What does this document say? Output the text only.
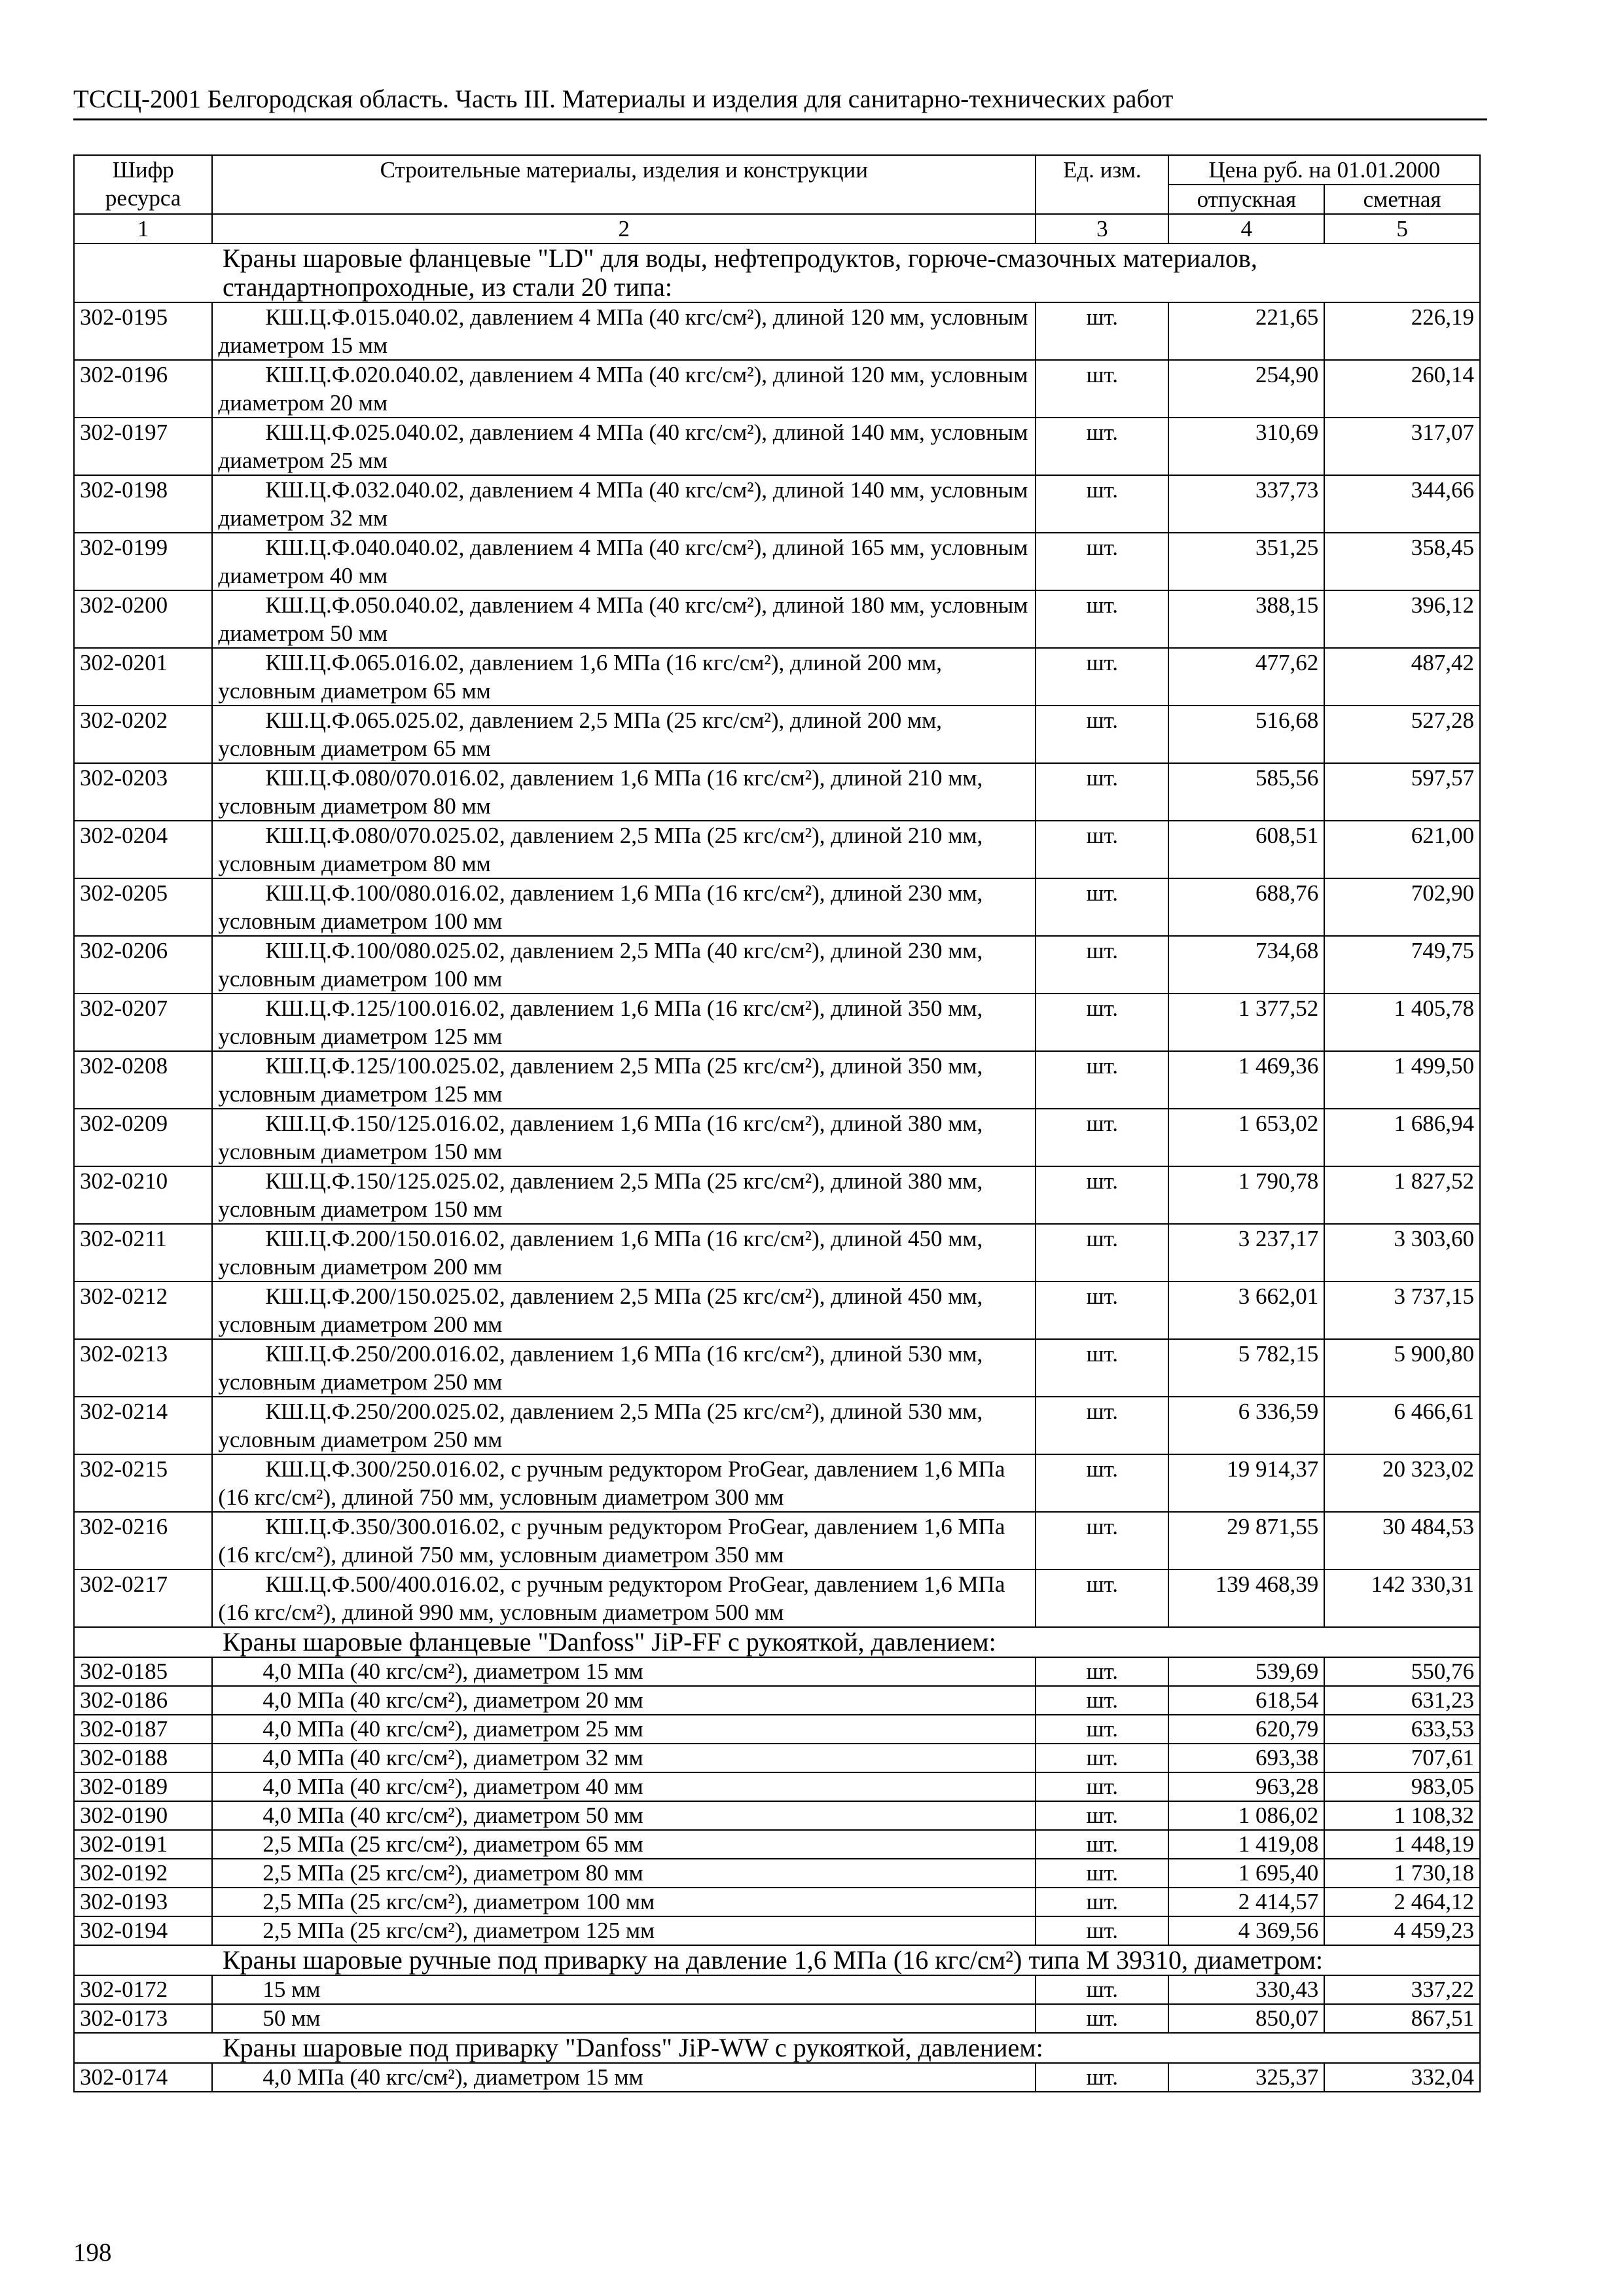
ТССЦ-2001 Белгородская область. Часть III. Материалы и изделия для санитарно-технических работ
Шифр ресурса	Строительные материалы, изделия и конструкции	Ед. изм.	Цена руб. на 01.01.2000	
			отпускная	сметная
1	2	3	4	5
Краны шаровые фланцевые "LD" для воды, нефтепродуктов, горюче-смазочных материалов, стандартнопроходные, из стали 20 типа:				
302-0195	КШ.Ц.Ф.015.040.02, давлением 4 МПа (40 кгс/см²), длиной 120 мм, условным диаметром 15 мм	шт.	221,65	226,19
302-0196	КШ.Ц.Ф.020.040.02, давлением 4 МПа (40 кгс/см²), длиной 120 мм, условным диаметром 20 мм	шт.	254,90	260,14
302-0197	КШ.Ц.Ф.025.040.02, давлением 4 МПа (40 кгс/см²), длиной 140 мм, условным диаметром 25 мм	шт.	310,69	317,07
302-0198	КШ.Ц.Ф.032.040.02, давлением 4 МПа (40 кгс/см²), длиной 140 мм, условным диаметром 32 мм	шт.	337,73	344,66
302-0199	КШ.Ц.Ф.040.040.02, давлением 4 МПа (40 кгс/см²), длиной 165 мм, условным диаметром 40 мм	шт.	351,25	358,45
302-0200	КШ.Ц.Ф.050.040.02, давлением 4 МПа (40 кгс/см²), длиной 180 мм, условным диаметром 50 мм	шт.	388,15	396,12
302-0201	КШ.Ц.Ф.065.016.02, давлением 1,6 МПа (16 кгс/см²), длиной 200 мм, условным диаметром 65 мм	шт.	477,62	487,42
302-0202	КШ.Ц.Ф.065.025.02, давлением 2,5 МПа (25 кгс/см²), длиной 200 мм, условным диаметром 65 мм	шт.	516,68	527,28
302-0203	КШ.Ц.Ф.080/070.016.02, давлением 1,6 МПа (16 кгс/см²), длиной 210 мм, условным диаметром 80 мм	шт.	585,56	597,57
302-0204	КШ.Ц.Ф.080/070.025.02, давлением 2,5 МПа (25 кгс/см²), длиной 210 мм, условным диаметром 80 мм	шт.	608,51	621,00
302-0205	КШ.Ц.Ф.100/080.016.02, давлением 1,6 МПа (16 кгс/см²), длиной 230 мм, условным диаметром 100 мм	шт.	688,76	702,90
302-0206	КШ.Ц.Ф.100/080.025.02, давлением 2,5 МПа (40 кгс/см²), длиной 230 мм, условным диаметром 100 мм	шт.	734,68	749,75
302-0207	КШ.Ц.Ф.125/100.016.02, давлением 1,6 МПа (16 кгс/см²), длиной 350 мм, условным диаметром 125 мм	шт.	1 377,52	1 405,78
302-0208	КШ.Ц.Ф.125/100.025.02, давлением 2,5 МПа (25 кгс/см²), длиной 350 мм, условным диаметром 125 мм	шт.	1 469,36	1 499,50
302-0209	КШ.Ц.Ф.150/125.016.02, давлением 1,6 МПа (16 кгс/см²), длиной 380 мм, условным диаметром 150 мм	шт.	1 653,02	1 686,94
302-0210	КШ.Ц.Ф.150/125.025.02, давлением 2,5 МПа (25 кгс/см²), длиной 380 мм, условным диаметром 150 мм	шт.	1 790,78	1 827,52
302-0211	КШ.Ц.Ф.200/150.016.02, давлением 1,6 МПа (16 кгс/см²), длиной 450 мм, условным диаметром 200 мм	шт.	3 237,17	3 303,60
302-0212	КШ.Ц.Ф.200/150.025.02, давлением 2,5 МПа (25 кгс/см²), длиной 450 мм, условным диаметром 200 мм	шт.	3 662,01	3 737,15
302-0213	КШ.Ц.Ф.250/200.016.02, давлением 1,6 МПа (16 кгс/см²), длиной 530 мм, условным диаметром 250 мм	шт.	5 782,15	5 900,80
302-0214	КШ.Ц.Ф.250/200.025.02, давлением 2,5 МПа (25 кгс/см²), длиной 530 мм, условным диаметром 250 мм	шт.	6 336,59	6 466,61
302-0215	КШ.Ц.Ф.300/250.016.02, с ручным редуктором ProGear, давлением 1,6 МПа (16 кгс/см²), длиной 750 мм, условным диаметром 300 мм	шт.	19 914,37	20 323,02
302-0216	КШ.Ц.Ф.350/300.016.02, с ручным редуктором ProGear, давлением 1,6 МПа (16 кгс/см²), длиной 750 мм, условным диаметром 350 мм	шт.	29 871,55	30 484,53
302-0217	КШ.Ц.Ф.500/400.016.02, с ручным редуктором ProGear, давлением 1,6 МПа (16 кгс/см²), длиной 990 мм, условным диаметром 500 мм	шт.	139 468,39	142 330,31
Краны шаровые фланцевые "Danfoss" JiP-FF с рукояткой, давлением:				
302-0185	4,0 МПа (40 кгс/см²), диаметром 15 мм	шт.	539,69	550,76
302-0186	4,0 МПа (40 кгс/см²), диаметром 20 мм	шт.	618,54	631,23
302-0187	4,0 МПа (40 кгс/см²), диаметром 25 мм	шт.	620,79	633,53
302-0188	4,0 МПа (40 кгс/см²), диаметром 32 мм	шт.	693,38	707,61
302-0189	4,0 МПа (40 кгс/см²), диаметром 40 мм	шт.	963,28	983,05
302-0190	4,0 МПа (40 кгс/см²), диаметром 50 мм	шт.	1 086,02	1 108,32
302-0191	2,5 МПа (25 кгс/см²), диаметром 65 мм	шт.	1 419,08	1 448,19
302-0192	2,5 МПа (25 кгс/см²), диаметром 80 мм	шт.	1 695,40	1 730,18
302-0193	2,5 МПа (25 кгс/см²), диаметром 100 мм	шт.	2 414,57	2 464,12
302-0194	2,5 МПа (25 кгс/см²), диаметром 125 мм	шт.	4 369,56	4 459,23
Краны шаровые ручные под приварку на давление 1,6 МПа (16 кгс/см²) типа М 39310, диаметром:				
302-0172	15 мм	шт.	330,43	337,22
302-0173	50 мм	шт.	850,07	867,51
Краны шаровые под приварку "Danfoss" JiP-WW с рукояткой, давлением:				
302-0174	4,0 МПа (40 кгс/см²), диаметром 15 мм	шт.	325,37	332,04
198
